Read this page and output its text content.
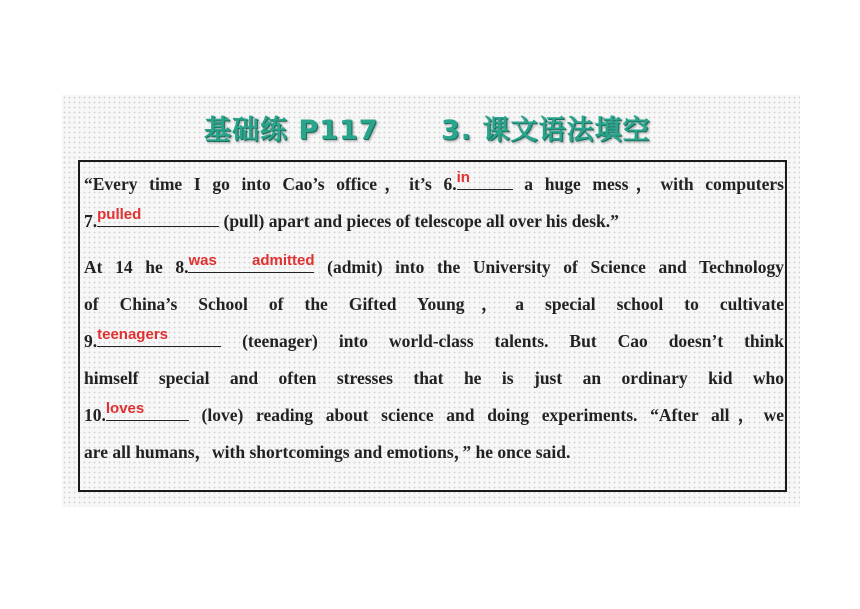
基础练 P117 3. 课文语法填空
“Every time I go into Cao’s office，it’s 6. in	a huge mess，with computers
7. pulled	(pull) apart and pieces of telescope all over his desk.”
At 14 he 8. was admitted (admit) into the University of Science and Technology
of China’s School of the Gifted Young，a special school to cultivate
9. teenagers	(teenager) into world-class talents. But Cao doesn’t think
himself special and often stresses that he is just an ordinary kid who
10. loves	(love) reading about science and doing experiments. “After all，we
are all humans，with shortcomings and emotions，” he once said.
